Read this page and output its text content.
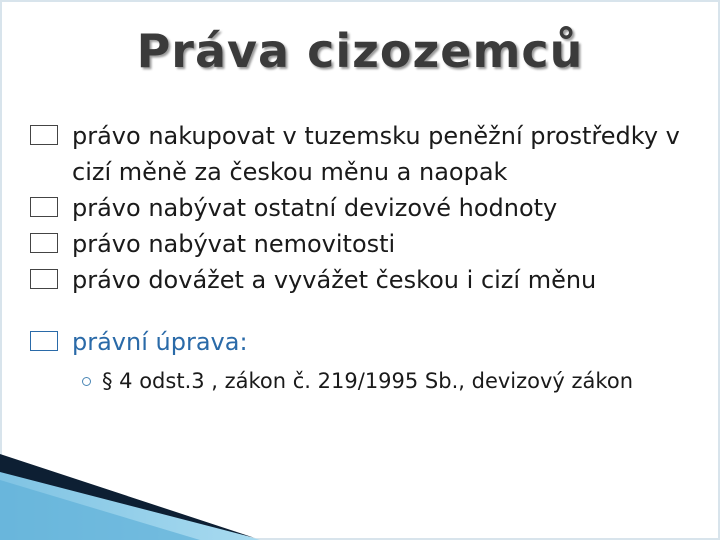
Práva cizozemců
právo nakupovat v tuzemsku peněžní prostředky v cizí měně za českou měnu a naopak
právo nabývat ostatní devizové hodnoty
právo nabývat nemovitosti
právo dovážet a vyvážet českou i cizí měnu
právní úprava:
§ 4 odst.3 , zákon č. 219/1995 Sb., devizový zákon
